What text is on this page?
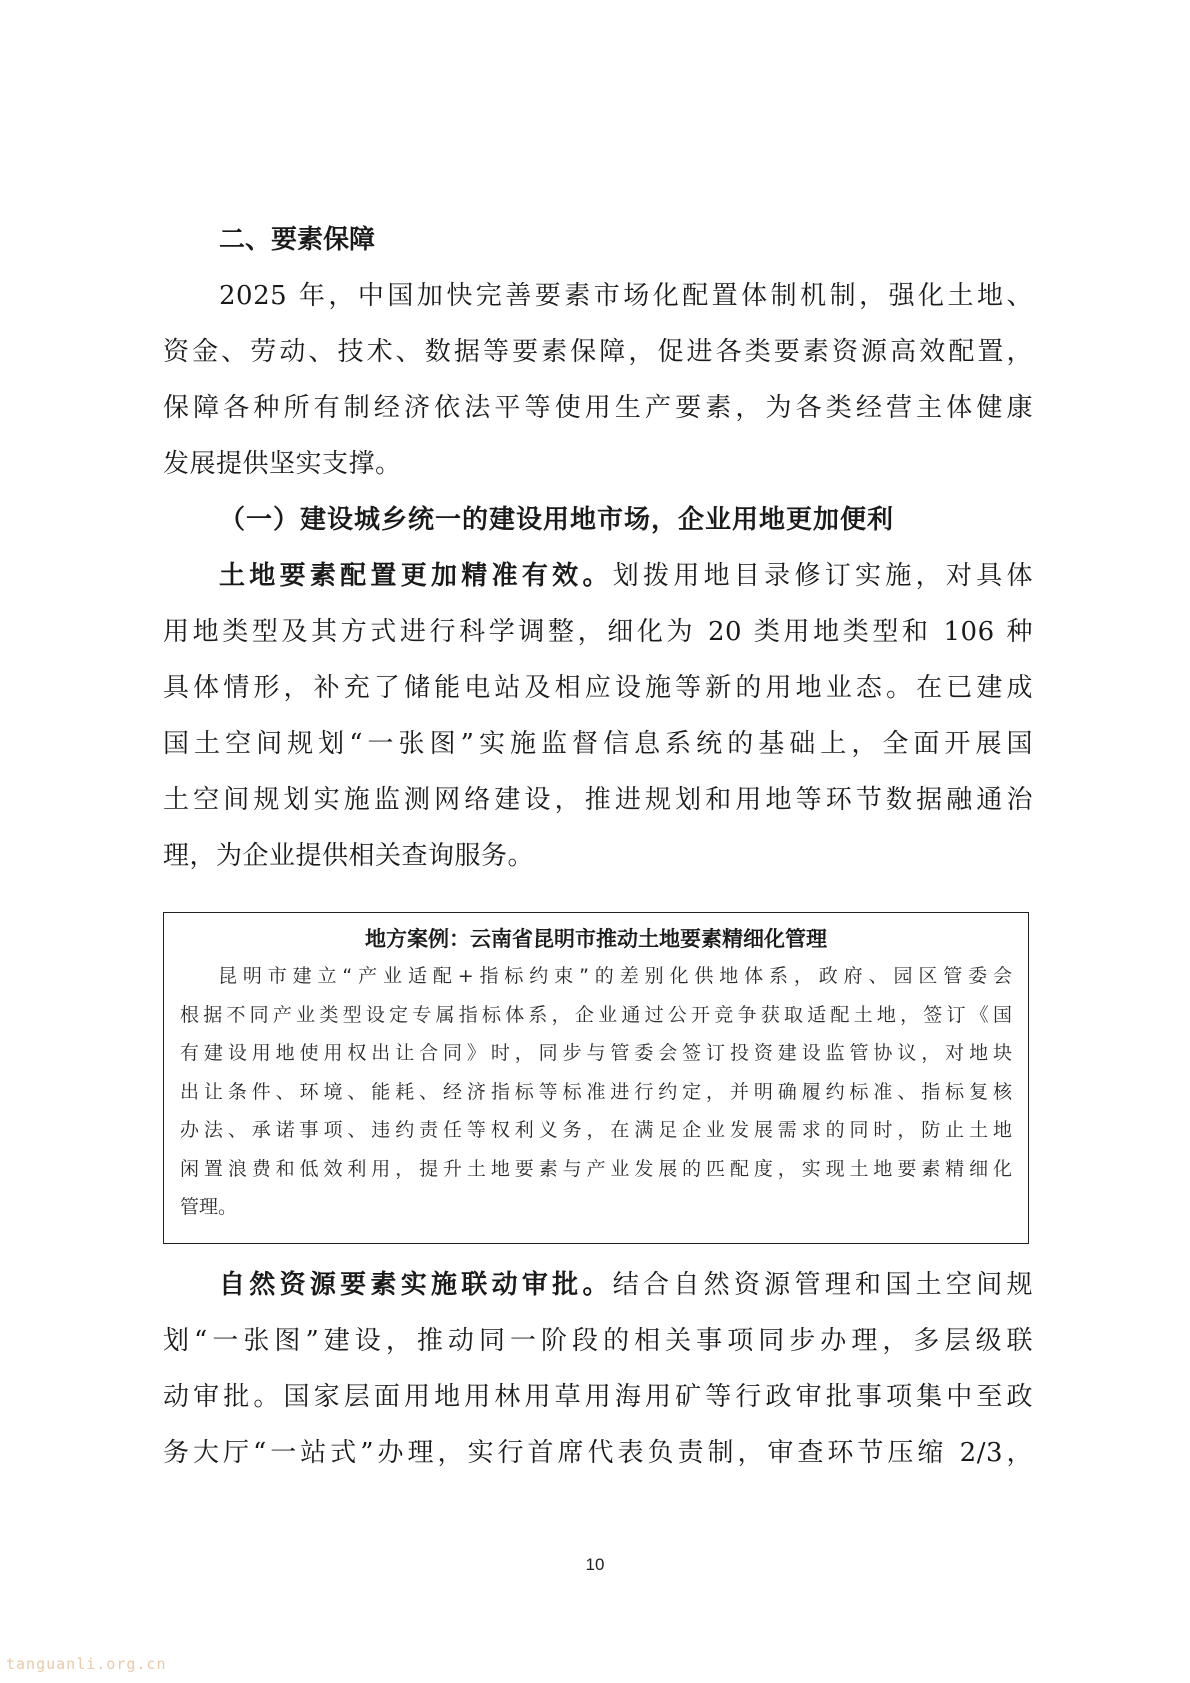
二、要素保障
2025 年，中国加快完善要素市场化配置体制机制，强化土地、
资金、劳动、技术、数据等要素保障，促进各类要素资源高效配置，
保障各种所有制经济依法平等使用生产要素，为各类经营主体健康
发展提供坚实支撑。
（一）建设城乡统一的建设用地市场，企业用地更加便利
土地要素配置更加精准有效。划拨用地目录修订实施，对具体
用地类型及其方式进行科学调整，细化为 20 类用地类型和 106 种
具体情形，补充了储能电站及相应设施等新的用地业态。在已建成
国土空间规划“一张图”实施监督信息系统的基础上，全面开展国
土空间规划实施监测网络建设，推进规划和用地等环节数据融通治
理，为企业提供相关查询服务。
地方案例：云南省昆明市推动土地要素精细化管理
昆明市建立“产业适配+指标约束”的差别化供地体系，政府、园区管委会
根据不同产业类型设定专属指标体系，企业通过公开竞争获取适配土地，签订《国
有建设用地使用权出让合同》时，同步与管委会签订投资建设监管协议，对地块
出让条件、环境、能耗、经济指标等标准进行约定，并明确履约标准、指标复核
办法、承诺事项、违约责任等权利义务，在满足企业发展需求的同时，防止土地
闲置浪费和低效利用，提升土地要素与产业发展的匹配度，实现土地要素精细化
管理。
自然资源要素实施联动审批。结合自然资源管理和国土空间规
划“一张图”建设，推动同一阶段的相关事项同步办理，多层级联
动审批。国家层面用地用林用草用海用矿等行政审批事项集中至政
务大厅“一站式”办理，实行首席代表负责制，审查环节压缩 2/3，
10
tanguanli.org.cn
